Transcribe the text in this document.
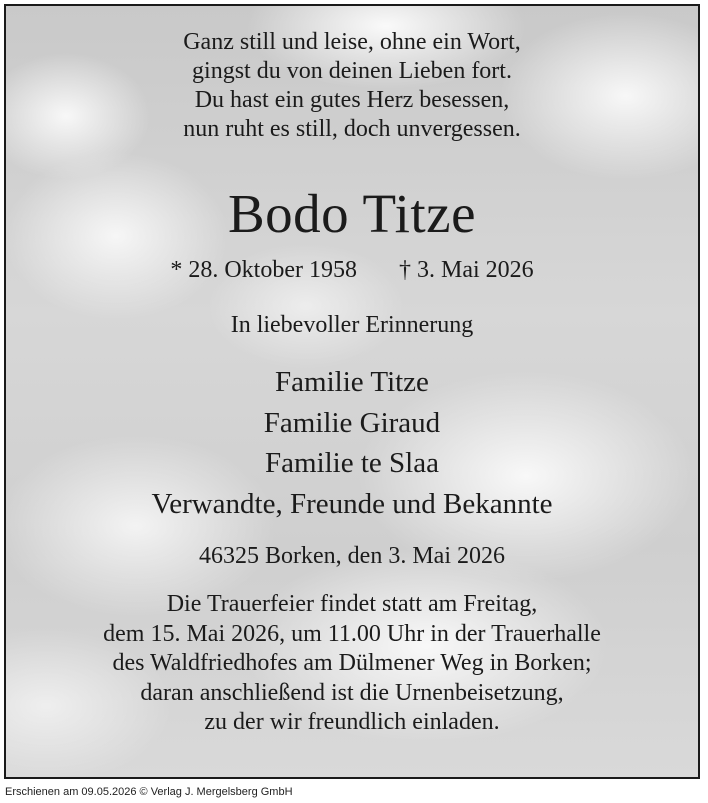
Ganz still und leise, ohne ein Wort,
gingst du von deinen Lieben fort.
Du hast ein gutes Herz besessen,
nun ruht es still, doch unvergessen.
Bodo Titze
* 28. Oktober 1958 † 3. Mai 2026
In liebevoller Erinnerung
Familie Titze
Familie Giraud
Familie te Slaa
Verwandte, Freunde und Bekannte
46325 Borken, den 3. Mai 2026
Die Trauerfeier findet statt am Freitag,
dem 15. Mai 2026, um 11.00 Uhr in der Trauerhalle
des Waldfriedhofes am Dülmener Weg in Borken;
daran anschließend ist die Urnenbeisetzung,
zu der wir freundlich einladen.
Erschienen am 09.05.2026 © Verlag J. Mergelsberg GmbH
